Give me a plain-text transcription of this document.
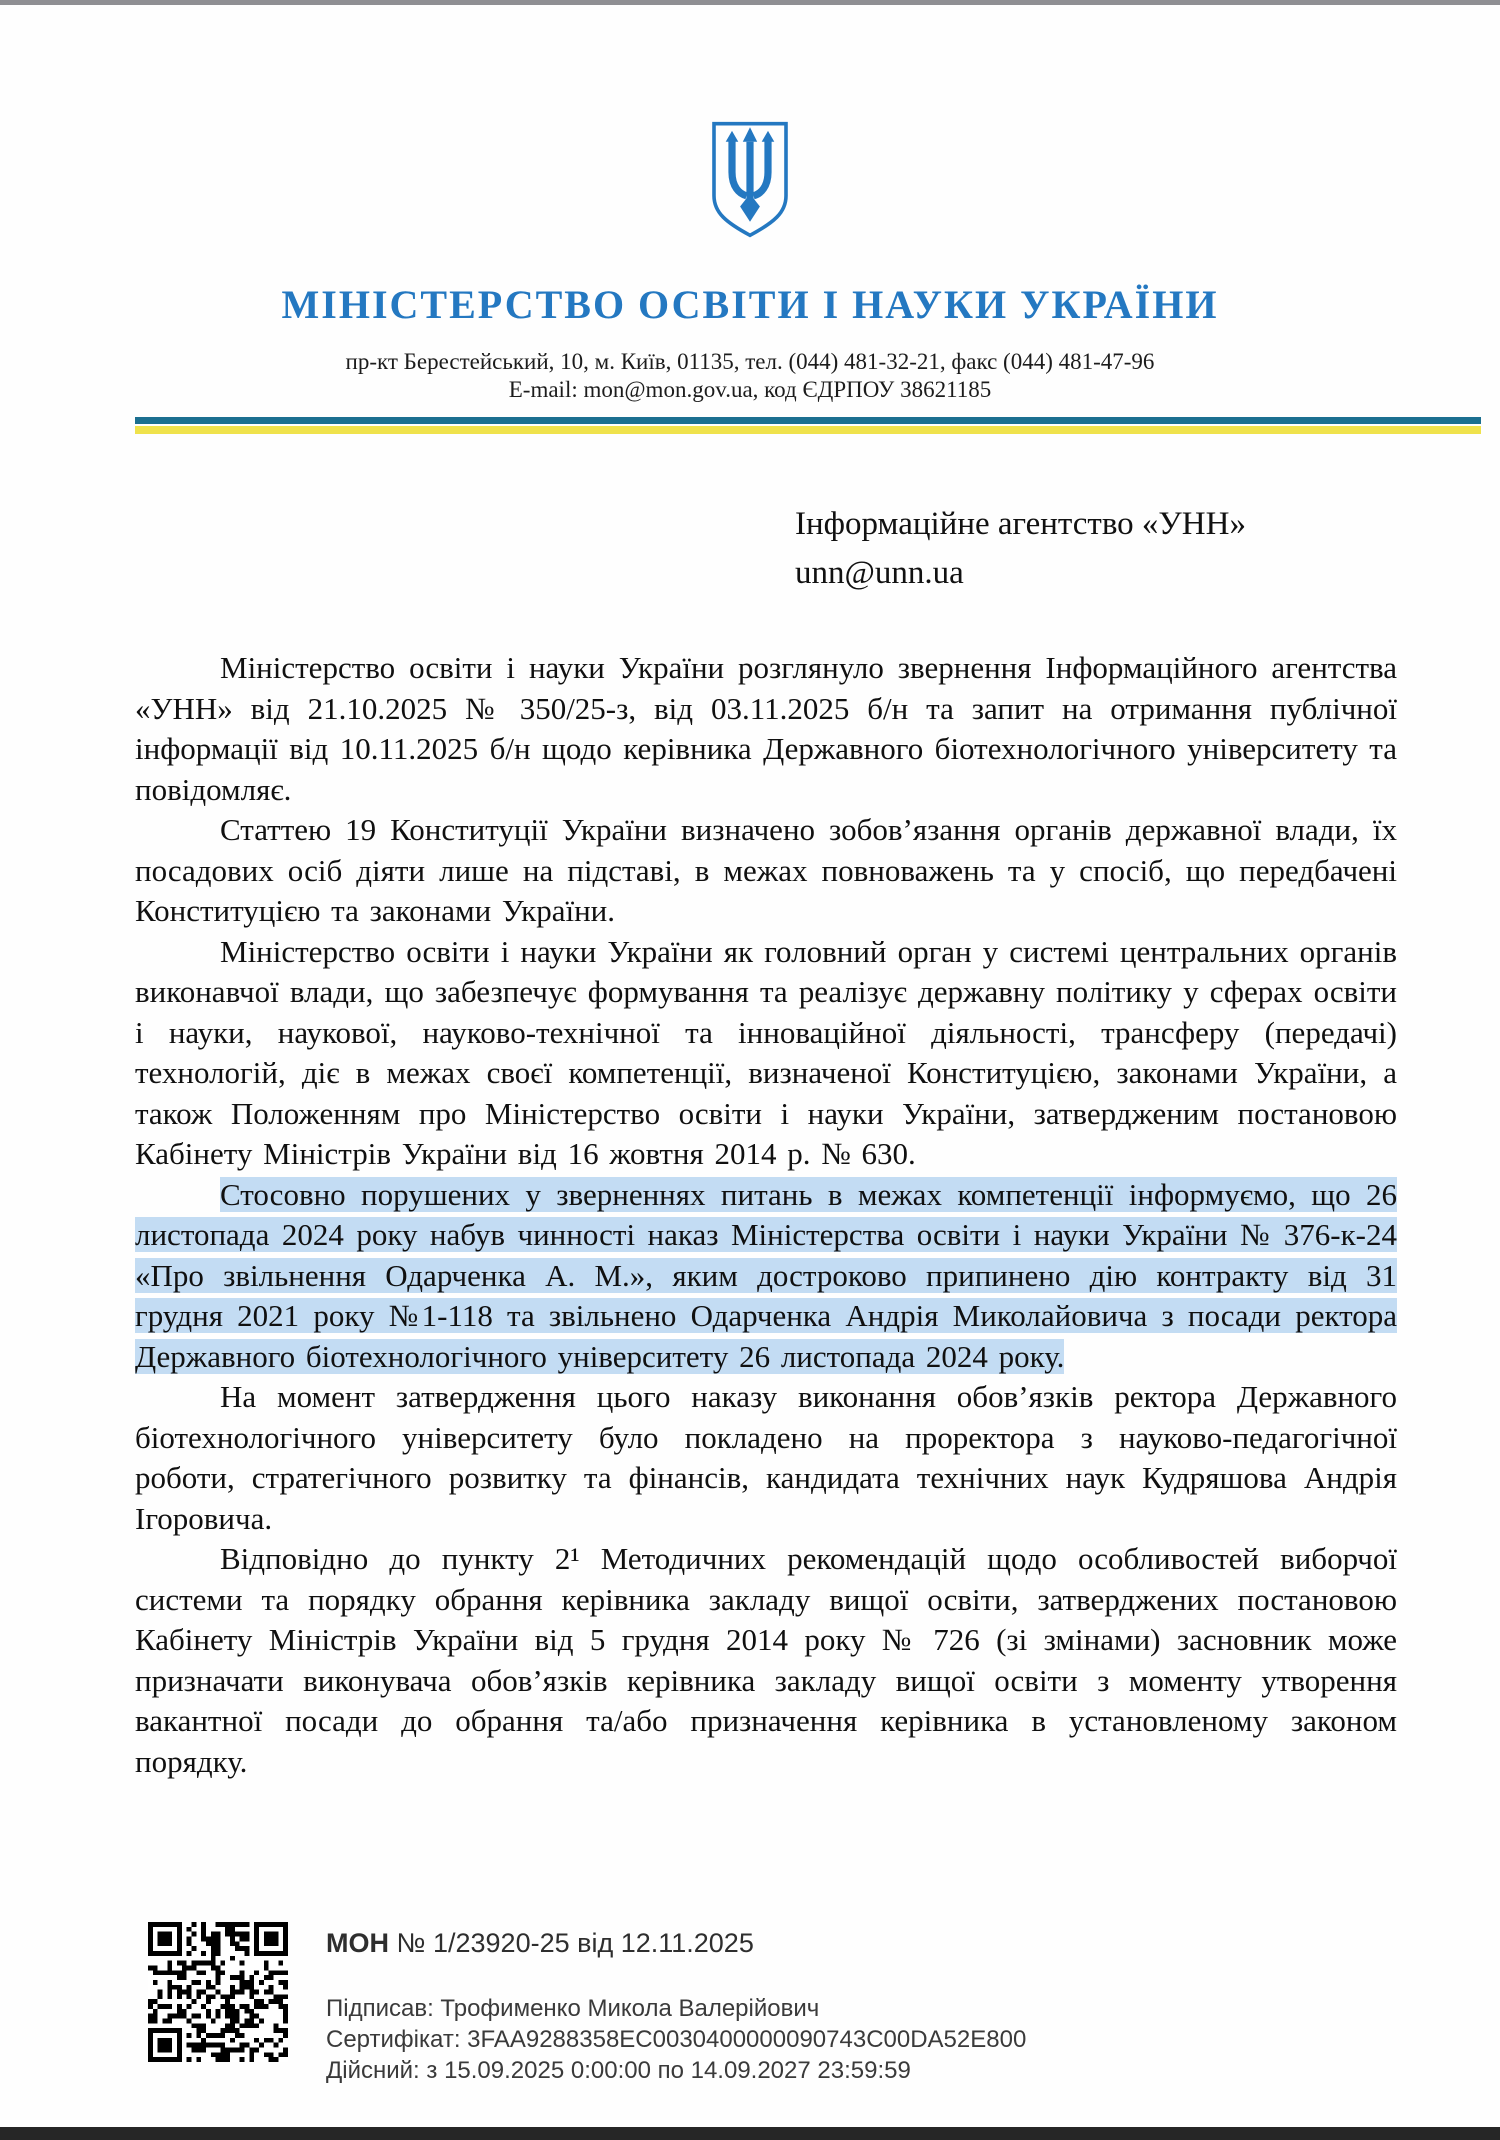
МІНІСТЕРСТВО ОСВІТИ І НАУКИ УКРАЇНИ
пр-кт Берестейський, 10, м. Київ, 01135, тел. (044) 481-32-21, факс (044) 481-47-96
E-mail: mon@mon.gov.ua, код ЄДРПОУ 38621185
Інформаційне агентство «УНН»
unn@unn.ua

Міністерство освіти і науки України розглянуло звернення Інформаційного агентства «УНН» від 21.10.2025 № 350/25-з, від 03.11.2025 б/н та запит на отримання публічної інформації від 10.11.2025 б/н щодо керівника Державного біотехнологічного університету та повідомляє.

Статтею 19 Конституції України визначено зобов’язання органів державної влади, їх посадових осіб діяти лише на підставі, в межах повноважень та у спосіб, що передбачені Конституцією та законами України.

Міністерство освіти і науки України як головний орган у системі центральних органів виконавчої влади, що забезпечує формування та реалізує державну політику у сферах освіти і науки, наукової, науково-технічної та інноваційної діяльності, трансферу (передачі) технологій, діє в межах своєї компетенції, визначеної Конституцією, законами України, а також Положенням про Міністерство освіти і науки України, затвердженим постановою Кабінету Міністрів України від 16 жовтня 2014 р. № 630.

Стосовно порушених у зверненнях питань в межах компетенції інформуємо, що 26 листопада 2024 року набув чинності наказ Міністерства освіти і науки України № 376-к-24 «Про звільнення Одарченка А. М.», яким достроково припинено дію контракту від 31 грудня 2021 року №1-118 та звільнено Одарченка Андрія Миколайовича з посади ректора Державного біотехнологічного університету 26 листопада 2024 року.

На момент затвердження цього наказу виконання обов’язків ректора Державного біотехнологічного університету було покладено на проректора з науково-педагогічної роботи, стратегічного розвитку та фінансів, кандидата технічних наук Кудряшова Андрія Ігоровича.

Відповідно до пункту 2¹ Методичних рекомендацій щодо особливостей виборчої системи та порядку обрання керівника закладу вищої освіти, затверджених постановою Кабінету Міністрів України від 5 грудня 2014 року № 726 (зі змінами) засновник може призначати виконувача обов’язків керівника закладу вищої освіти з моменту утворення вакантної посади до обрання та/або призначення керівника в установленому законом порядку.

МОН № 1/23920-25 від 12.11.2025
Підписав: Трофименко Микола Валерійович
Сертифікат: 3FAA9288358EC0030400000090743C00DA52E800
Дійсний: з 15.09.2025 0:00:00 по 14.09.2027 23:59:59
